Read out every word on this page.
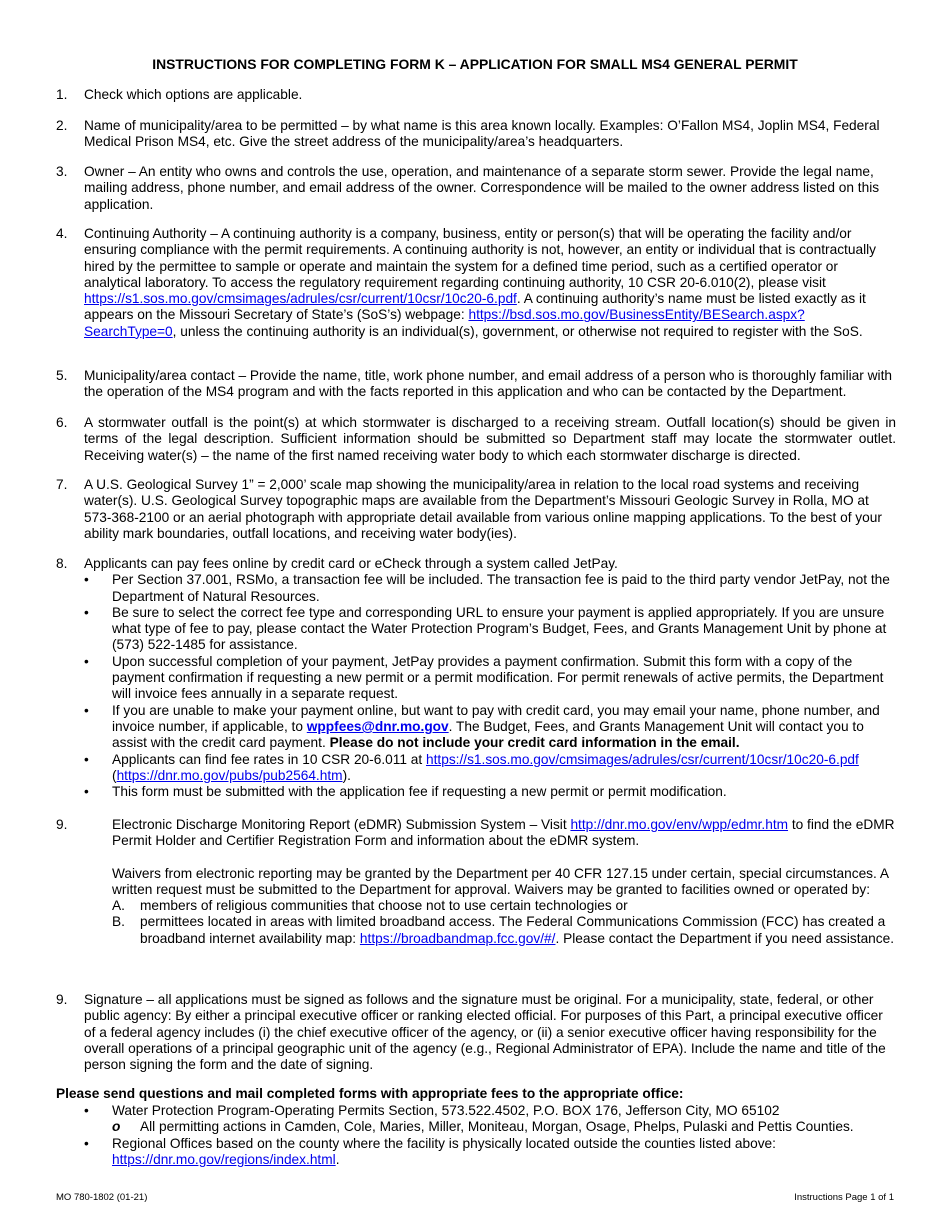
INSTRUCTIONS FOR COMPLETING FORM K – APPLICATION FOR SMALL MS4 GENERAL PERMIT
1. Check which options are applicable.
2. Name of municipality/area to be permitted – by what name is this area known locally. Examples: O’Fallon MS4, Joplin MS4, Federal Medical Prison MS4, etc. Give the street address of the municipality/area’s headquarters.
3. Owner – An entity who owns and controls the use, operation, and maintenance of a separate storm sewer. Provide the legal name, mailing address, phone number, and email address of the owner. Correspondence will be mailed to the owner address listed on this application.
4. Continuing Authority – A continuing authority is a company, business, entity or person(s) that will be operating the facility and/or ensuring compliance with the permit requirements. A continuing authority is not, however, an entity or individual that is contractually hired by the permittee to sample or operate and maintain the system for a defined time period, such as a certified operator or analytical laboratory. To access the regulatory requirement regarding continuing authority, 10 CSR 20-6.010(2), please visit https://s1.sos.mo.gov/cmsimages/adrules/csr/current/10csr/10c20-6.pdf. A continuing authority’s name must be listed exactly as it appears on the Missouri Secretary of State’s (SoS’s) webpage: https://bsd.sos.mo.gov/BusinessEntity/BESearch.aspx?SearchType=0, unless the continuing authority is an individual(s), government, or otherwise not required to register with the SoS.
5. Municipality/area contact – Provide the name, title, work phone number, and email address of a person who is thoroughly familiar with the operation of the MS4 program and with the facts reported in this application and who can be contacted by the Department.
6. A stormwater outfall is the point(s) at which stormwater is discharged to a receiving stream. Outfall location(s) should be given in terms of the legal description. Sufficient information should be submitted so Department staff may locate the stormwater outlet. Receiving water(s) – the name of the first named receiving water body to which each stormwater discharge is directed.
7. A U.S. Geological Survey 1” = 2,000’ scale map showing the municipality/area in relation to the local road systems and receiving water(s). U.S. Geological Survey topographic maps are available from the Department’s Missouri Geologic Survey in Rolla, MO at 573-368-2100 or an aerial photograph with appropriate detail available from various online mapping applications. To the best of your ability mark boundaries, outfall locations, and receiving water body(ies).
8. Applicants can pay fees online by credit card or eCheck through a system called JetPay.
• Per Section 37.001, RSMo, a transaction fee will be included. The transaction fee is paid to the third party vendor JetPay, not the Department of Natural Resources.
• Be sure to select the correct fee type and corresponding URL to ensure your payment is applied appropriately. If you are unsure what type of fee to pay, please contact the Water Protection Program’s Budget, Fees, and Grants Management Unit by phone at (573) 522-1485 for assistance.
• Upon successful completion of your payment, JetPay provides a payment confirmation. Submit this form with a copy of the payment confirmation if requesting a new permit or a permit modification. For permit renewals of active permits, the Department will invoice fees annually in a separate request.
• If you are unable to make your payment online, but want to pay with credit card, you may email your name, phone number, and invoice number, if applicable, to wppfees@dnr.mo.gov. The Budget, Fees, and Grants Management Unit will contact you to assist with the credit card payment. Please do not include your credit card information in the email.
• Applicants can find fee rates in 10 CSR 20-6.011 at https://s1.sos.mo.gov/cmsimages/adrules/csr/current/10csr/10c20-6.pdf (https://dnr.mo.gov/pubs/pub2564.htm).
• This form must be submitted with the application fee if requesting a new permit or permit modification.
9.	Electronic Discharge Monitoring Report (eDMR) Submission System – Visit http://dnr.mo.gov/env/wpp/edmr.htm to find the eDMR Permit Holder and Certifier Registration Form and information about the eDMR system.
Waivers from electronic reporting may be granted by the Department per 40 CFR 127.15 under certain, special circumstances. A written request must be submitted to the Department for approval. Waivers may be granted to facilities owned or operated by:
A. members of religious communities that choose not to use certain technologies or
B. permittees located in areas with limited broadband access. The Federal Communications Commission (FCC) has created a broadband internet availability map: https://broadbandmap.fcc.gov/#/. Please contact the Department if you need assistance.
9. Signature – all applications must be signed as follows and the signature must be original. For a municipality, state, federal, or other public agency: By either a principal executive officer or ranking elected official. For purposes of this Part, a principal executive officer of a federal agency includes (i) the chief executive officer of the agency, or (ii) a senior executive officer having responsibility for the overall operations of a principal geographic unit of the agency (e.g., Regional Administrator of EPA). Include the name and title of the person signing the form and the date of signing.
Please send questions and mail completed forms with appropriate fees to the appropriate office:
• Water Protection Program-Operating Permits Section, 573.522.4502, P.O. BOX 176, Jefferson City, MO 65102
o All permitting actions in Camden, Cole, Maries, Miller, Moniteau, Morgan, Osage, Phelps, Pulaski and Pettis Counties.
• Regional Offices based on the county where the facility is physically located outside the counties listed above:
https://dnr.mo.gov/regions/index.html.
MO 780-1802 (01-21)	Instructions Page 1 of 1
